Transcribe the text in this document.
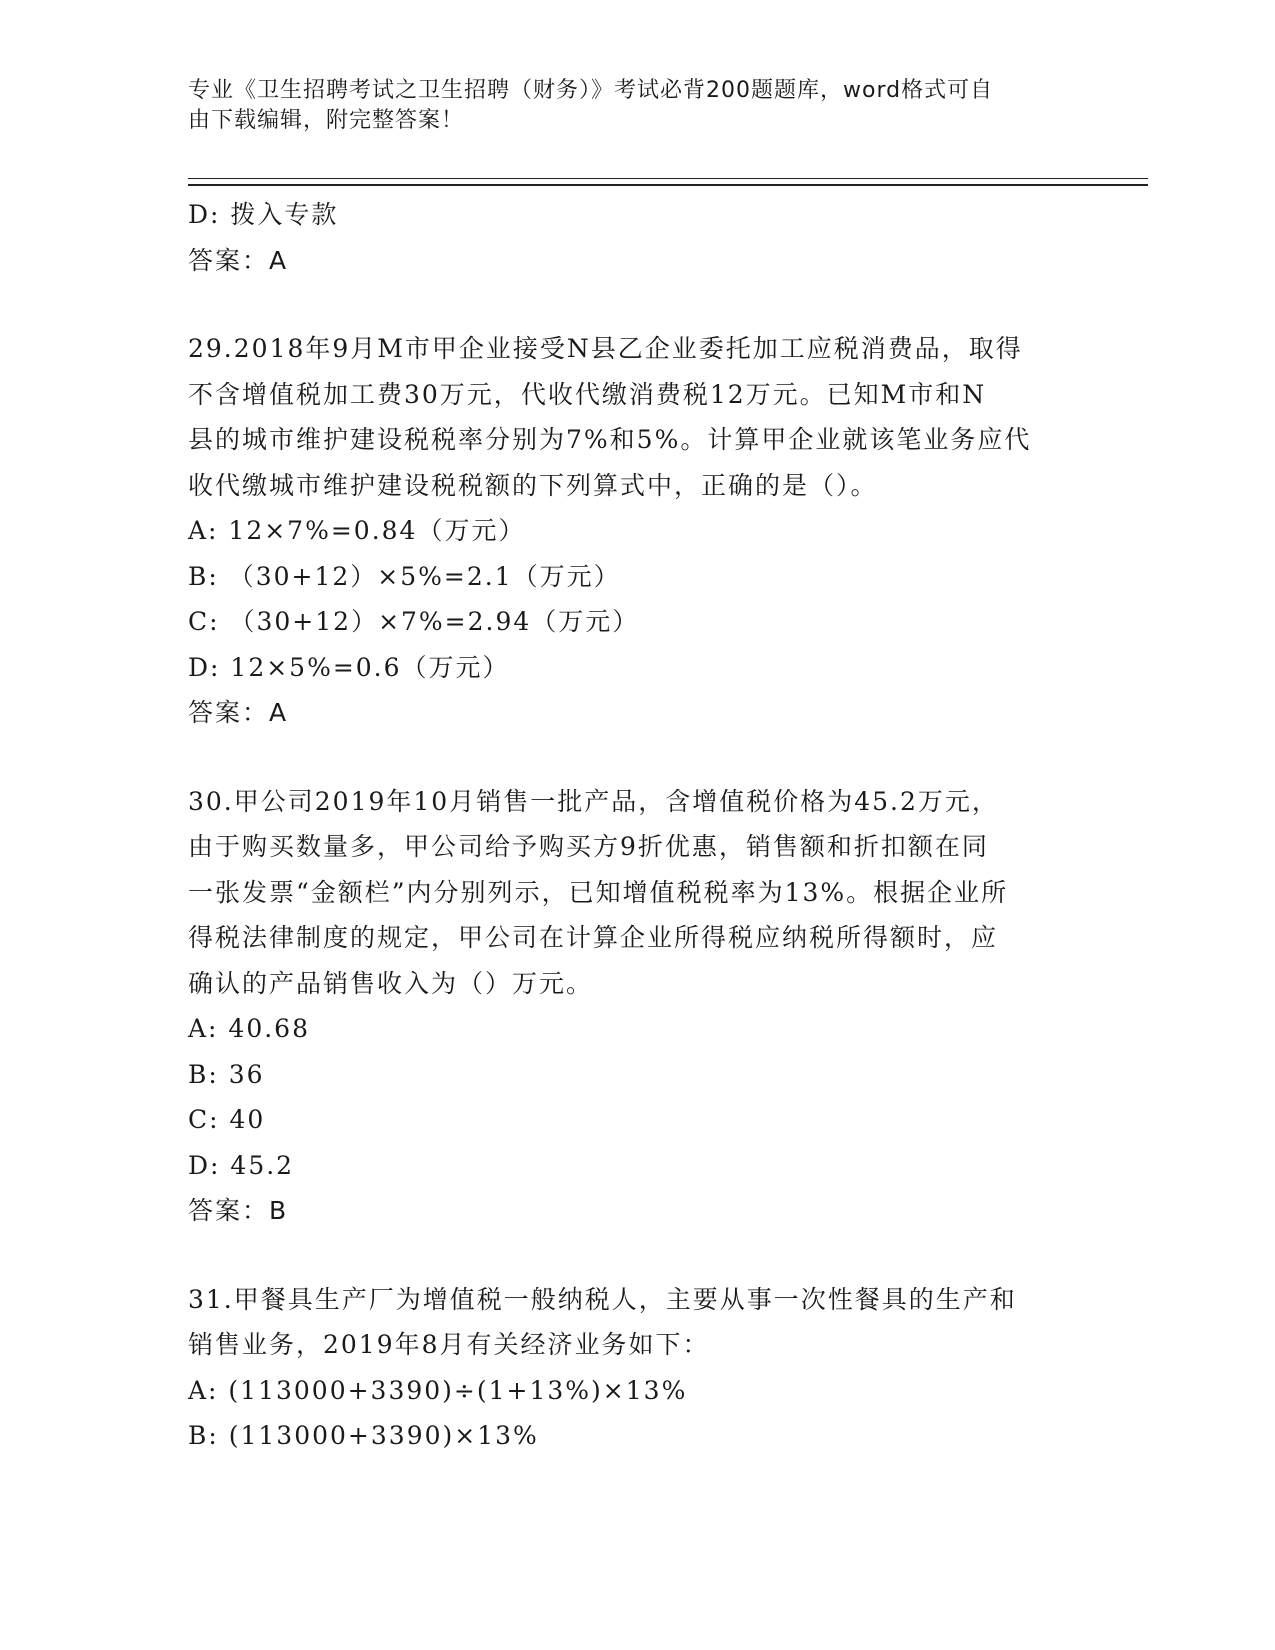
专业《卫生招聘考试之卫生招聘（财务）》考试必背200题题库，word格式可自
由下载编辑，附完整答案！
D: 拨入专款
答案：A
29.2018年9月M市甲企业接受N县乙企业委托加工应税消费品，取得
不含增值税加工费30万元，代收代缴消费税12万元。已知M市和N
县的城市维护建设税税率分别为7%和5%。计算甲企业就该笔业务应代
收代缴城市维护建设税税额的下列算式中，正确的是（）。
A: 12×7%=0.84（万元）
B: （30+12）×5%=2.1（万元）
C: （30+12）×7%=2.94（万元）
D: 12×5%=0.6（万元）
答案：A
30.甲公司2019年10月销售一批产品，含增值税价格为45.2万元，
由于购买数量多，甲公司给予购买方9折优惠，销售额和折扣额在同
一张发票“金额栏”内分别列示，已知增值税税率为13%。根据企业所
得税法律制度的规定，甲公司在计算企业所得税应纳税所得额时，应
确认的产品销售收入为（）万元。
A: 40.68
B: 36
C: 40
D: 45.2
答案：B
31.甲餐具生产厂为增值税一般纳税人，主要从事一次性餐具的生产和
销售业务，2019年8月有关经济业务如下：
A: (113000+3390)÷(1+13%)×13%
B: (113000+3390)×13%
